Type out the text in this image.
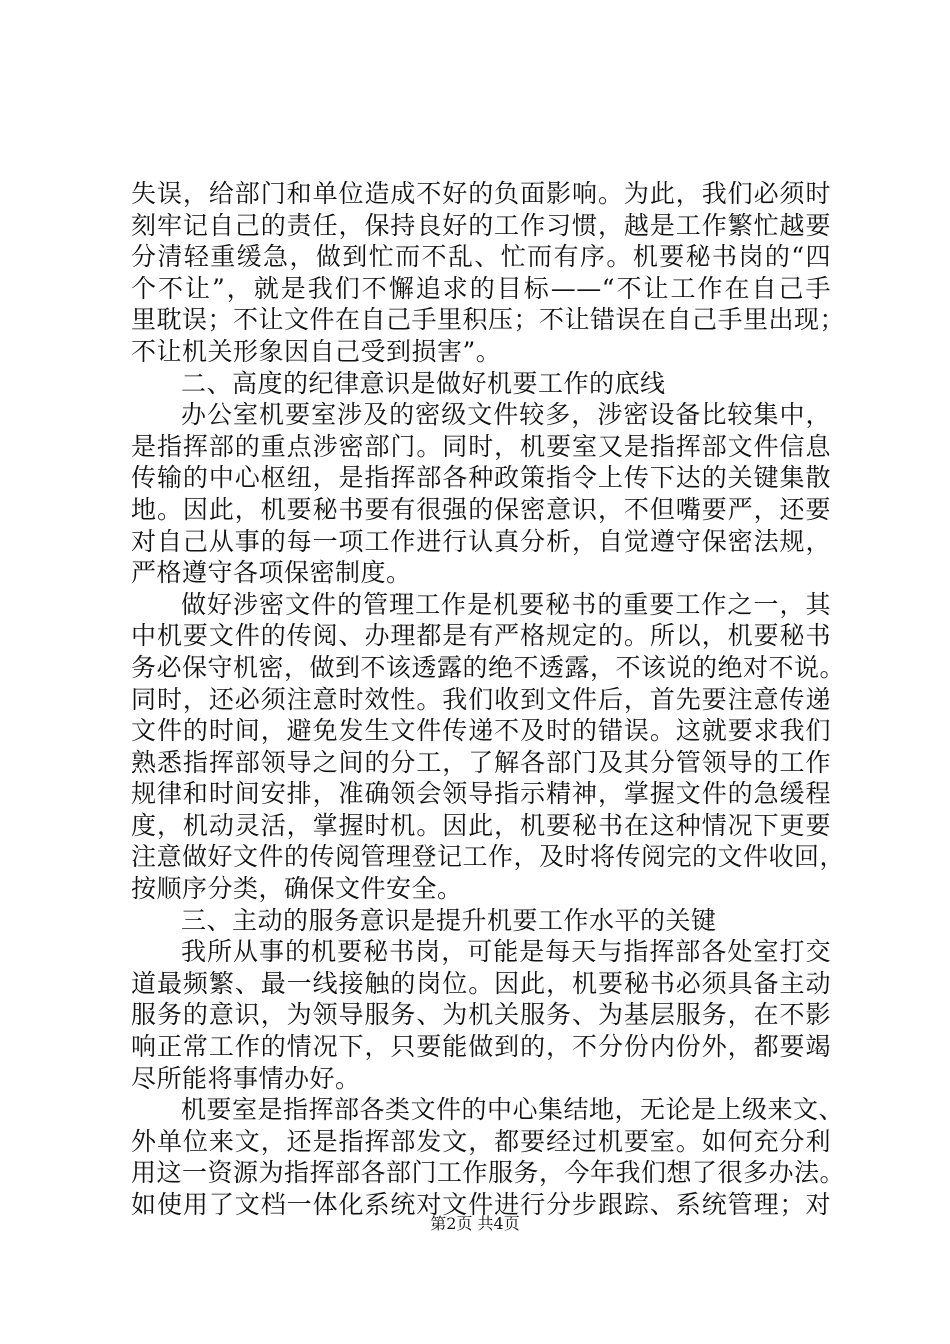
失误，给部门和单位造成不好的负面影响。为此，我们必须时
刻牢记自己的责任，保持良好的工作习惯，越是工作繁忙越要
分清轻重缓急，做到忙而不乱、忙而有序。机要秘书岗的“四
个不让”，就是我们不懈追求的目标——“不让工作在自己手
里耽误；不让文件在自己手里积压；不让错误在自己手里出现；
不让机关形象因自己受到损害”。
二、高度的纪律意识是做好机要工作的底线
办公室机要室涉及的密级文件较多，涉密设备比较集中，
是指挥部的重点涉密部门。同时，机要室又是指挥部文件信息
传输的中心枢纽，是指挥部各种政策指令上传下达的关键集散
地。因此，机要秘书要有很强的保密意识，不但嘴要严，还要
对自己从事的每一项工作进行认真分析，自觉遵守保密法规，
严格遵守各项保密制度。
做好涉密文件的管理工作是机要秘书的重要工作之一，其
中机要文件的传阅、办理都是有严格规定的。所以，机要秘书
务必保守机密，做到不该透露的绝不透露，不该说的绝对不说。
同时，还必须注意时效性。我们收到文件后，首先要注意传递
文件的时间，避免发生文件传递不及时的错误。这就要求我们
熟悉指挥部领导之间的分工，了解各部门及其分管领导的工作
规律和时间安排，准确领会领导指示精神，掌握文件的急缓程
度，机动灵活，掌握时机。因此，机要秘书在这种情况下更要
注意做好文件的传阅管理登记工作，及时将传阅完的文件收回，
按顺序分类，确保文件安全。
三、主动的服务意识是提升机要工作水平的关键
我所从事的机要秘书岗，可能是每天与指挥部各处室打交
道最频繁、最一线接触的岗位。因此，机要秘书必须具备主动
服务的意识，为领导服务、为机关服务、为基层服务，在不影
响正常工作的情况下，只要能做到的，不分份内份外，都要竭
尽所能将事情办好。
机要室是指挥部各类文件的中心集结地，无论是上级来文、
外单位来文，还是指挥部发文，都要经过机要室。如何充分利
用这一资源为指挥部各部门工作服务，今年我们想了很多办法。
如使用了文档一体化系统对文件进行分步跟踪、系统管理；对
第2页 共4页
